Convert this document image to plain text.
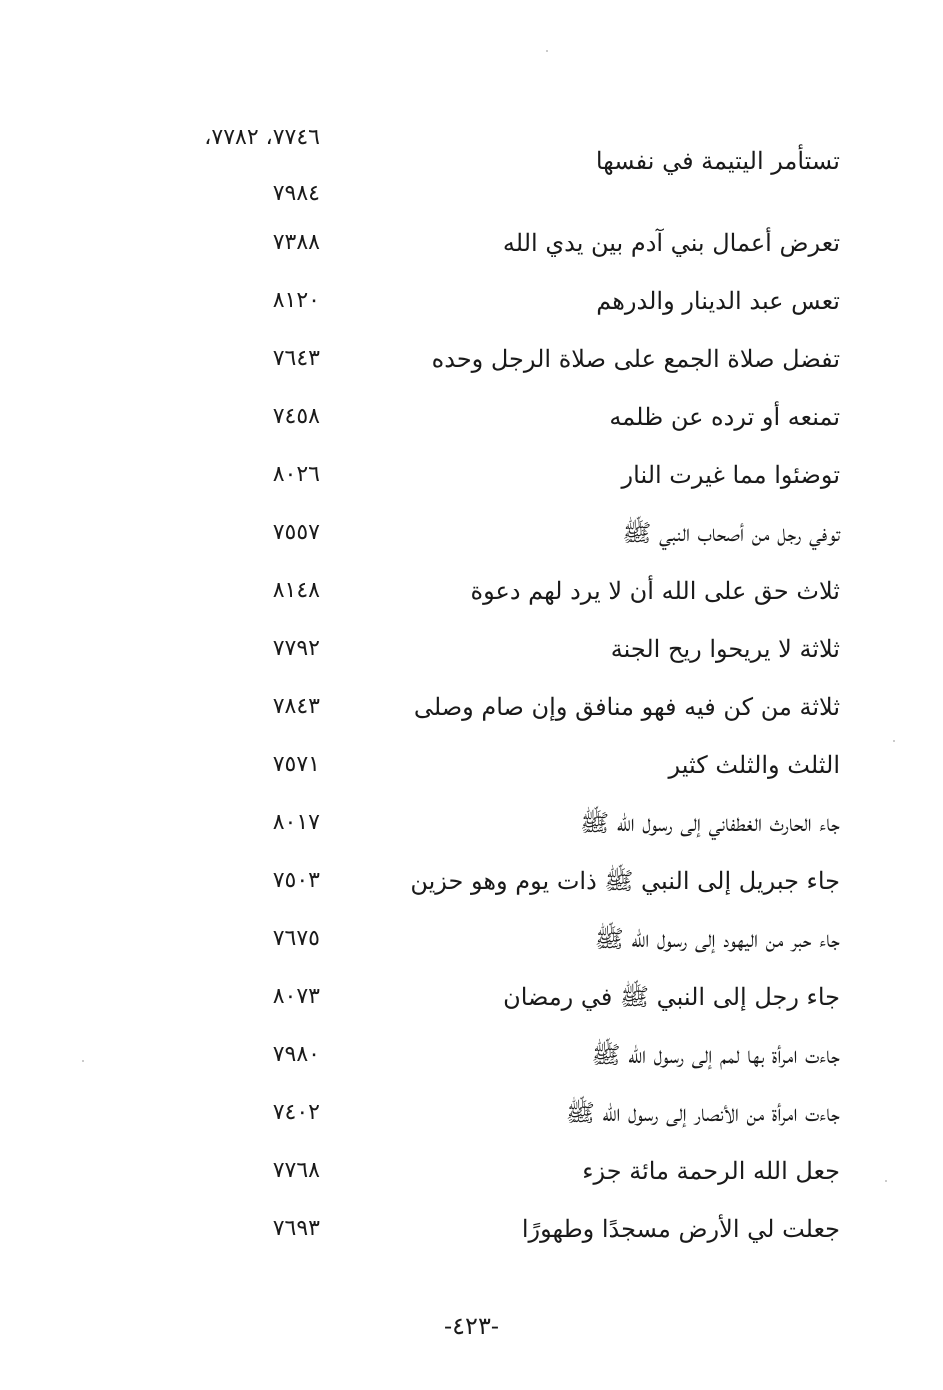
تستأمر اليتيمة في نفسها
٧٧٤٦، ٧٧٨٢،
٧٩٨٤
تعرض أعمال بني آدم بين يدي الله
٧٣٨٨
تعس عبد الدينار والدرهم
٨١٢٠
تفضل صلاة الجمع على صلاة الرجل وحده
٧٦٤٣
تمنعه أو ترده عن ظلمه
٧٤٥٨
توضئوا مما غيرت النار
٨٠٢٦
توفي رجل من أصحاب النبي ﷺ
٧٥٥٧
ثلاث حق على الله أن لا يرد لهم دعوة
٨١٤٨
ثلاثة لا يريحوا ريح الجنة
٧٧٩٢
ثلاثة من كن فيه فهو منافق وإن صام وصلى
٧٨٤٣
الثلث والثلث كثير
٧٥٧١
جاء الحارث الغطفاني إلى رسول الله ﷺ
٨٠١٧
جاء جبريل إلى النبي ﷺ ذات يوم وهو حزين
٧٥٠٣
جاء حبر من اليهود إلى رسول الله ﷺ
٧٦٧٥
جاء رجل إلى النبي ﷺ في رمضان
٨٠٧٣
جاءت امرأة بها لمم إلى رسول الله ﷺ
٧٩٨٠
جاءت امرأة من الأنصار إلى رسول الله ﷺ
٧٤٠٢
جعل الله الرحمة مائة جزء
٧٧٦٨
جعلت لي الأرض مسجدًا وطهورًا
٧٦٩٣
-٤٢٣-
